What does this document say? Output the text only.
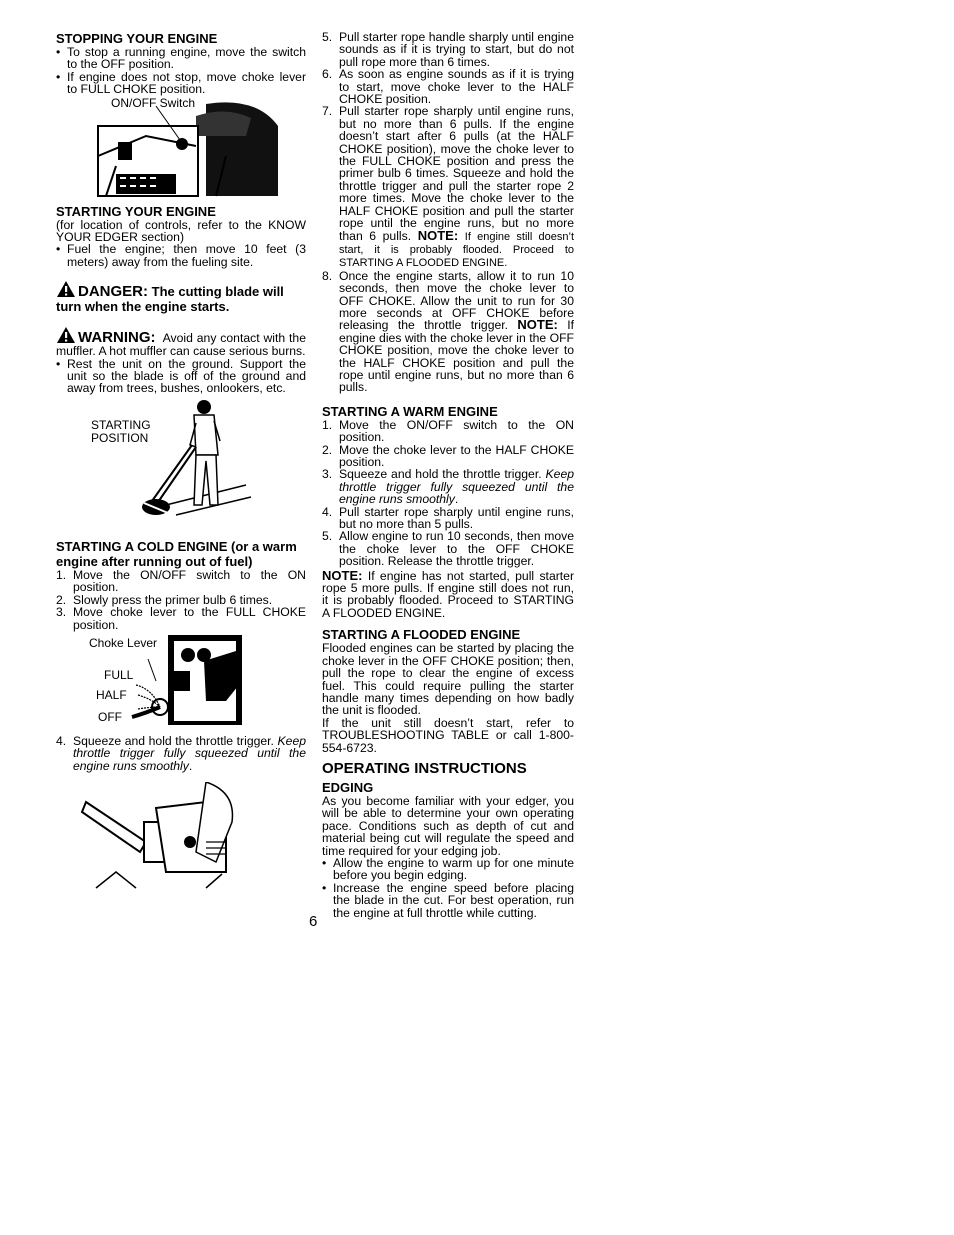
STOPPING YOUR ENGINE
• To stop a running engine, move the switch to the OFF position.
• If engine does not stop, move choke lever to FULL CHOKE position.
ON/OFF Switch
STARTING YOUR ENGINE

(for location of controls, refer to the KNOW YOUR EDGER section)

• Fuel the engine; then move 10 feet (3 meters) away from the fueling site.
DANGER: The cutting blade will turn when the engine starts.

WARNING: Avoid any contact with the muffler. A hot muffler can cause serious burns.

• Rest the unit on the ground. Support the unit so the blade is off of the ground and away from trees, bushes, onlookers, etc.
STARTING
POSITION
STARTING A COLD ENGINE (or a warm engine after running out of fuel)
1. Move the ON/OFF switch to the ON position.
2. Slowly press the primer bulb 6 times.
3. Move choke lever to the FULL CHOKE position.
Choke Lever
FULL
HALF
OFF
4. Squeeze and hold the throttle trigger. Keep throttle trigger fully squeezed until the engine runs smoothly.
5. Pull starter rope handle sharply until engine sounds as if it is trying to start, but do not pull rope more than 6 times.
6. As soon as engine sounds as if it is trying to start, move choke lever to the HALF CHOKE position.
7. Pull starter rope sharply until engine runs, but no more than 6 pulls. If the engine doesn’t start after 6 pulls (at the HALF CHOKE position), move the choke lever to the FULL CHOKE position and press the primer bulb 6 times. Squeeze and hold the throttle trigger and pull the starter rope 2 more times. Move the choke lever to the HALF CHOKE position and pull the starter rope until the engine runs, but no more than 6 pulls. NOTE: If engine still doesn’t start, it is probably flooded. Proceed to STARTING A FLOODED ENGINE.
8. Once the engine starts, allow it to run 10 seconds, then move the choke lever to OFF CHOKE. Allow the unit to run for 30 more seconds at OFF CHOKE before releasing the throttle trigger. NOTE: If engine dies with the choke lever in the OFF CHOKE position, move the choke lever to the HALF CHOKE position and pull the rope until engine runs, but no more than 6 pulls.
STARTING A WARM ENGINE
1. Move the ON/OFF switch to the ON position.
2. Move the choke lever to the HALF CHOKE position.
3. Squeeze and hold the throttle trigger. Keep throttle trigger fully squeezed until the engine runs smoothly.
4. Pull starter rope sharply until engine runs, but no more than 5 pulls.
5. Allow engine to run 10 seconds, then move the choke lever to the OFF CHOKE position. Release the throttle trigger.

NOTE: If engine has not started, pull starter rope 5 more pulls. If engine still does not run, it is probably flooded. Proceed to STARTING A FLOODED ENGINE.

STARTING A FLOODED ENGINE

Flooded engines can be started by placing the choke lever in the OFF CHOKE position; then, pull the rope to clear the engine of excess fuel. This could require pulling the starter handle many times depending on how badly the unit is flooded.

If the unit still doesn’t start, refer to TROUBLESHOOTING TABLE or call 1-800-554-6723.

OPERATING INSTRUCTIONS
EDGING

As you become familiar with your edger, you will be able to determine your own operating pace. Conditions such as depth of cut and material being cut will regulate the speed and time required for your edging job.

• Allow the engine to warm up for one minute before you begin edging.
• Increase the engine speed before placing the blade in the cut. For best operation, run the engine at full throttle while cutting.
6
